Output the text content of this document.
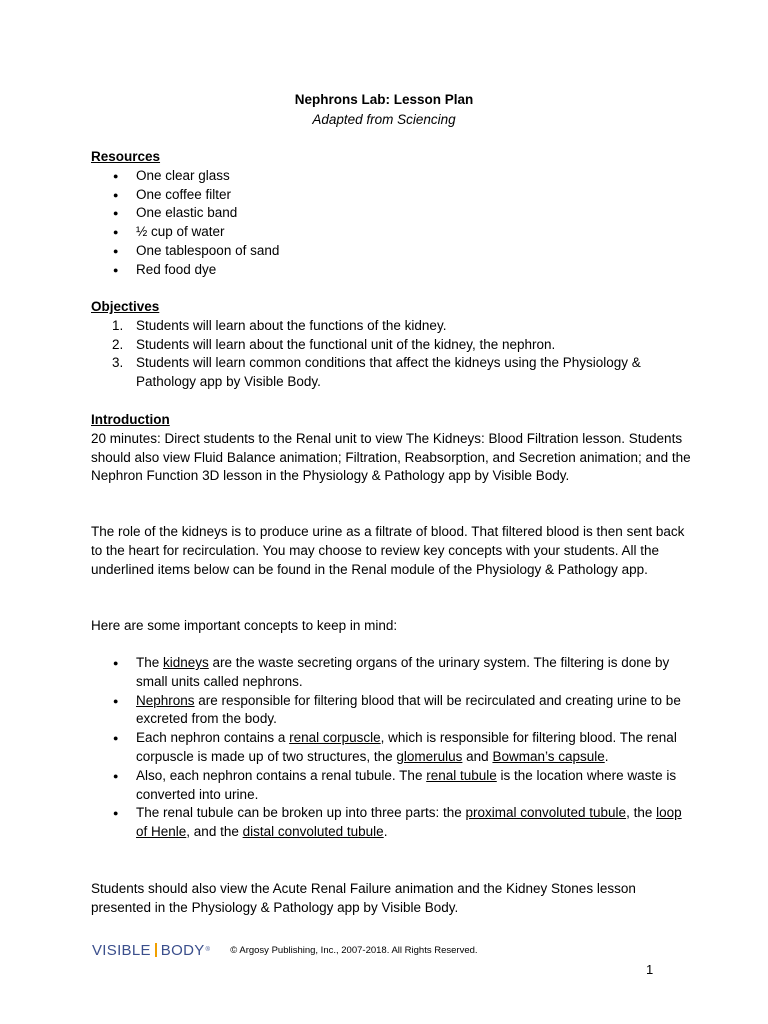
Nephrons Lab: Lesson Plan
Adapted from Sciencing
Resources
● One clear glass
● One coffee filter
● One elastic band
● ½ cup of water
● One tablespoon of sand
● Red food dye
Objectives
1. Students will learn about the functions of the kidney.
2. Students will learn about the functional unit of the kidney, the nephron.
3. Students will learn common conditions that affect the kidneys using the Physiology & Pathology app by Visible Body.
Introduction

20 minutes: Direct students to the Renal unit to view The Kidneys: Blood Filtration lesson. Students should also view Fluid Balance animation; Filtration, Reabsorption, and Secretion animation; and the Nephron Function 3D lesson in the Physiology & Pathology app by Visible Body.

The role of the kidneys is to produce urine as a filtrate of blood. That filtered blood is then sent back to the heart for recirculation. You may choose to review key concepts with your students. All the underlined items below can be found in the Renal module of the Physiology & Pathology app.

Here are some important concepts to keep in mind:

● The kidneys are the waste secreting organs of the urinary system. The filtering is done by small units called nephrons.
● Nephrons are responsible for filtering blood that will be recirculated and creating urine to be excreted from the body.
● Each nephron contains a renal corpuscle, which is responsible for filtering blood. The renal corpuscle is made up of two structures, the glomerulus and Bowman’s capsule.
● Also, each nephron contains a renal tubule. The renal tubule is the location where waste is converted into urine.
● The renal tubule can be broken up into three parts: the proximal convoluted tubule, the loop of Henle, and the distal convoluted tubule.

Students should also view the Acute Renal Failure animation and the Kidney Stones lesson presented in the Physiology & Pathology app by Visible Body.

VISIBLE BODY ® © Argosy Publishing, Inc., 2007-2018. All Rights Reserved.
1
